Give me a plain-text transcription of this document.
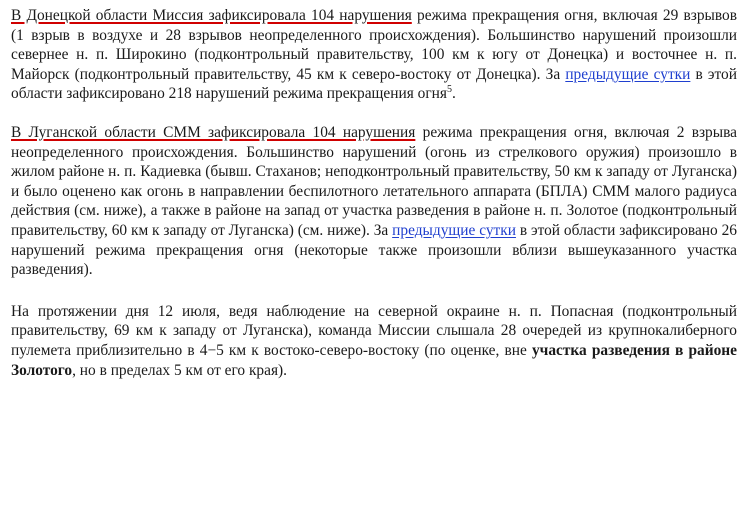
В Донецкой области Миссия зафиксировала 104 нарушения режима прекращения огня, включая 29 взрывов (1 взрыв в воздухе и 28 взрывов неопределенного происхождения). Большинство нарушений произошли севернее н. п. Широкино (подконтрольный правительству, 100 км к югу от Донецка) и восточнее н. п. Майорск (подконтрольный правительству, 45 км к северо-востоку от Донецка). За предыдущие сутки в этой области зафиксировано 218 нарушений режима прекращения огня$^5$.

В Луганской области СММ зафиксировала 104 нарушения режима прекращения огня, включая 2 взрыва неопределенного происхождения. Большинство нарушений (огонь из стрелкового оружия) произошло в жилом районе н. п. Кадиевка (бывш. Стаханов; неподконтрольный правительству, 50 км к западу от Луганска) и было оценено как огонь в направлении беспилотного летательного аппарата (БПЛА) СММ малого радиуса действия (см. ниже), а также в районе на запад от участка разведения в районе н. п. Золотое (подконтрольный правительству, 60 км к западу от Луганска) (см. ниже). За предыдущие сутки в этой области зафиксировано 26 нарушений режима прекращения огня (некоторые также произошли вблизи вышеуказанного участка разведения).

На протяжении дня 12 июля, ведя наблюдение на северной окраине н. п. Попасная (подконтрольный правительству, 69 км к западу от Луганска), команда Миссии слышала 28 очередей из крупнокалиберного пулемета приблизительно в 4−5 км к востоко-северо-востоку (по оценке, вне участка разведения в районе Золотого, но в пределах 5 км от его края).
